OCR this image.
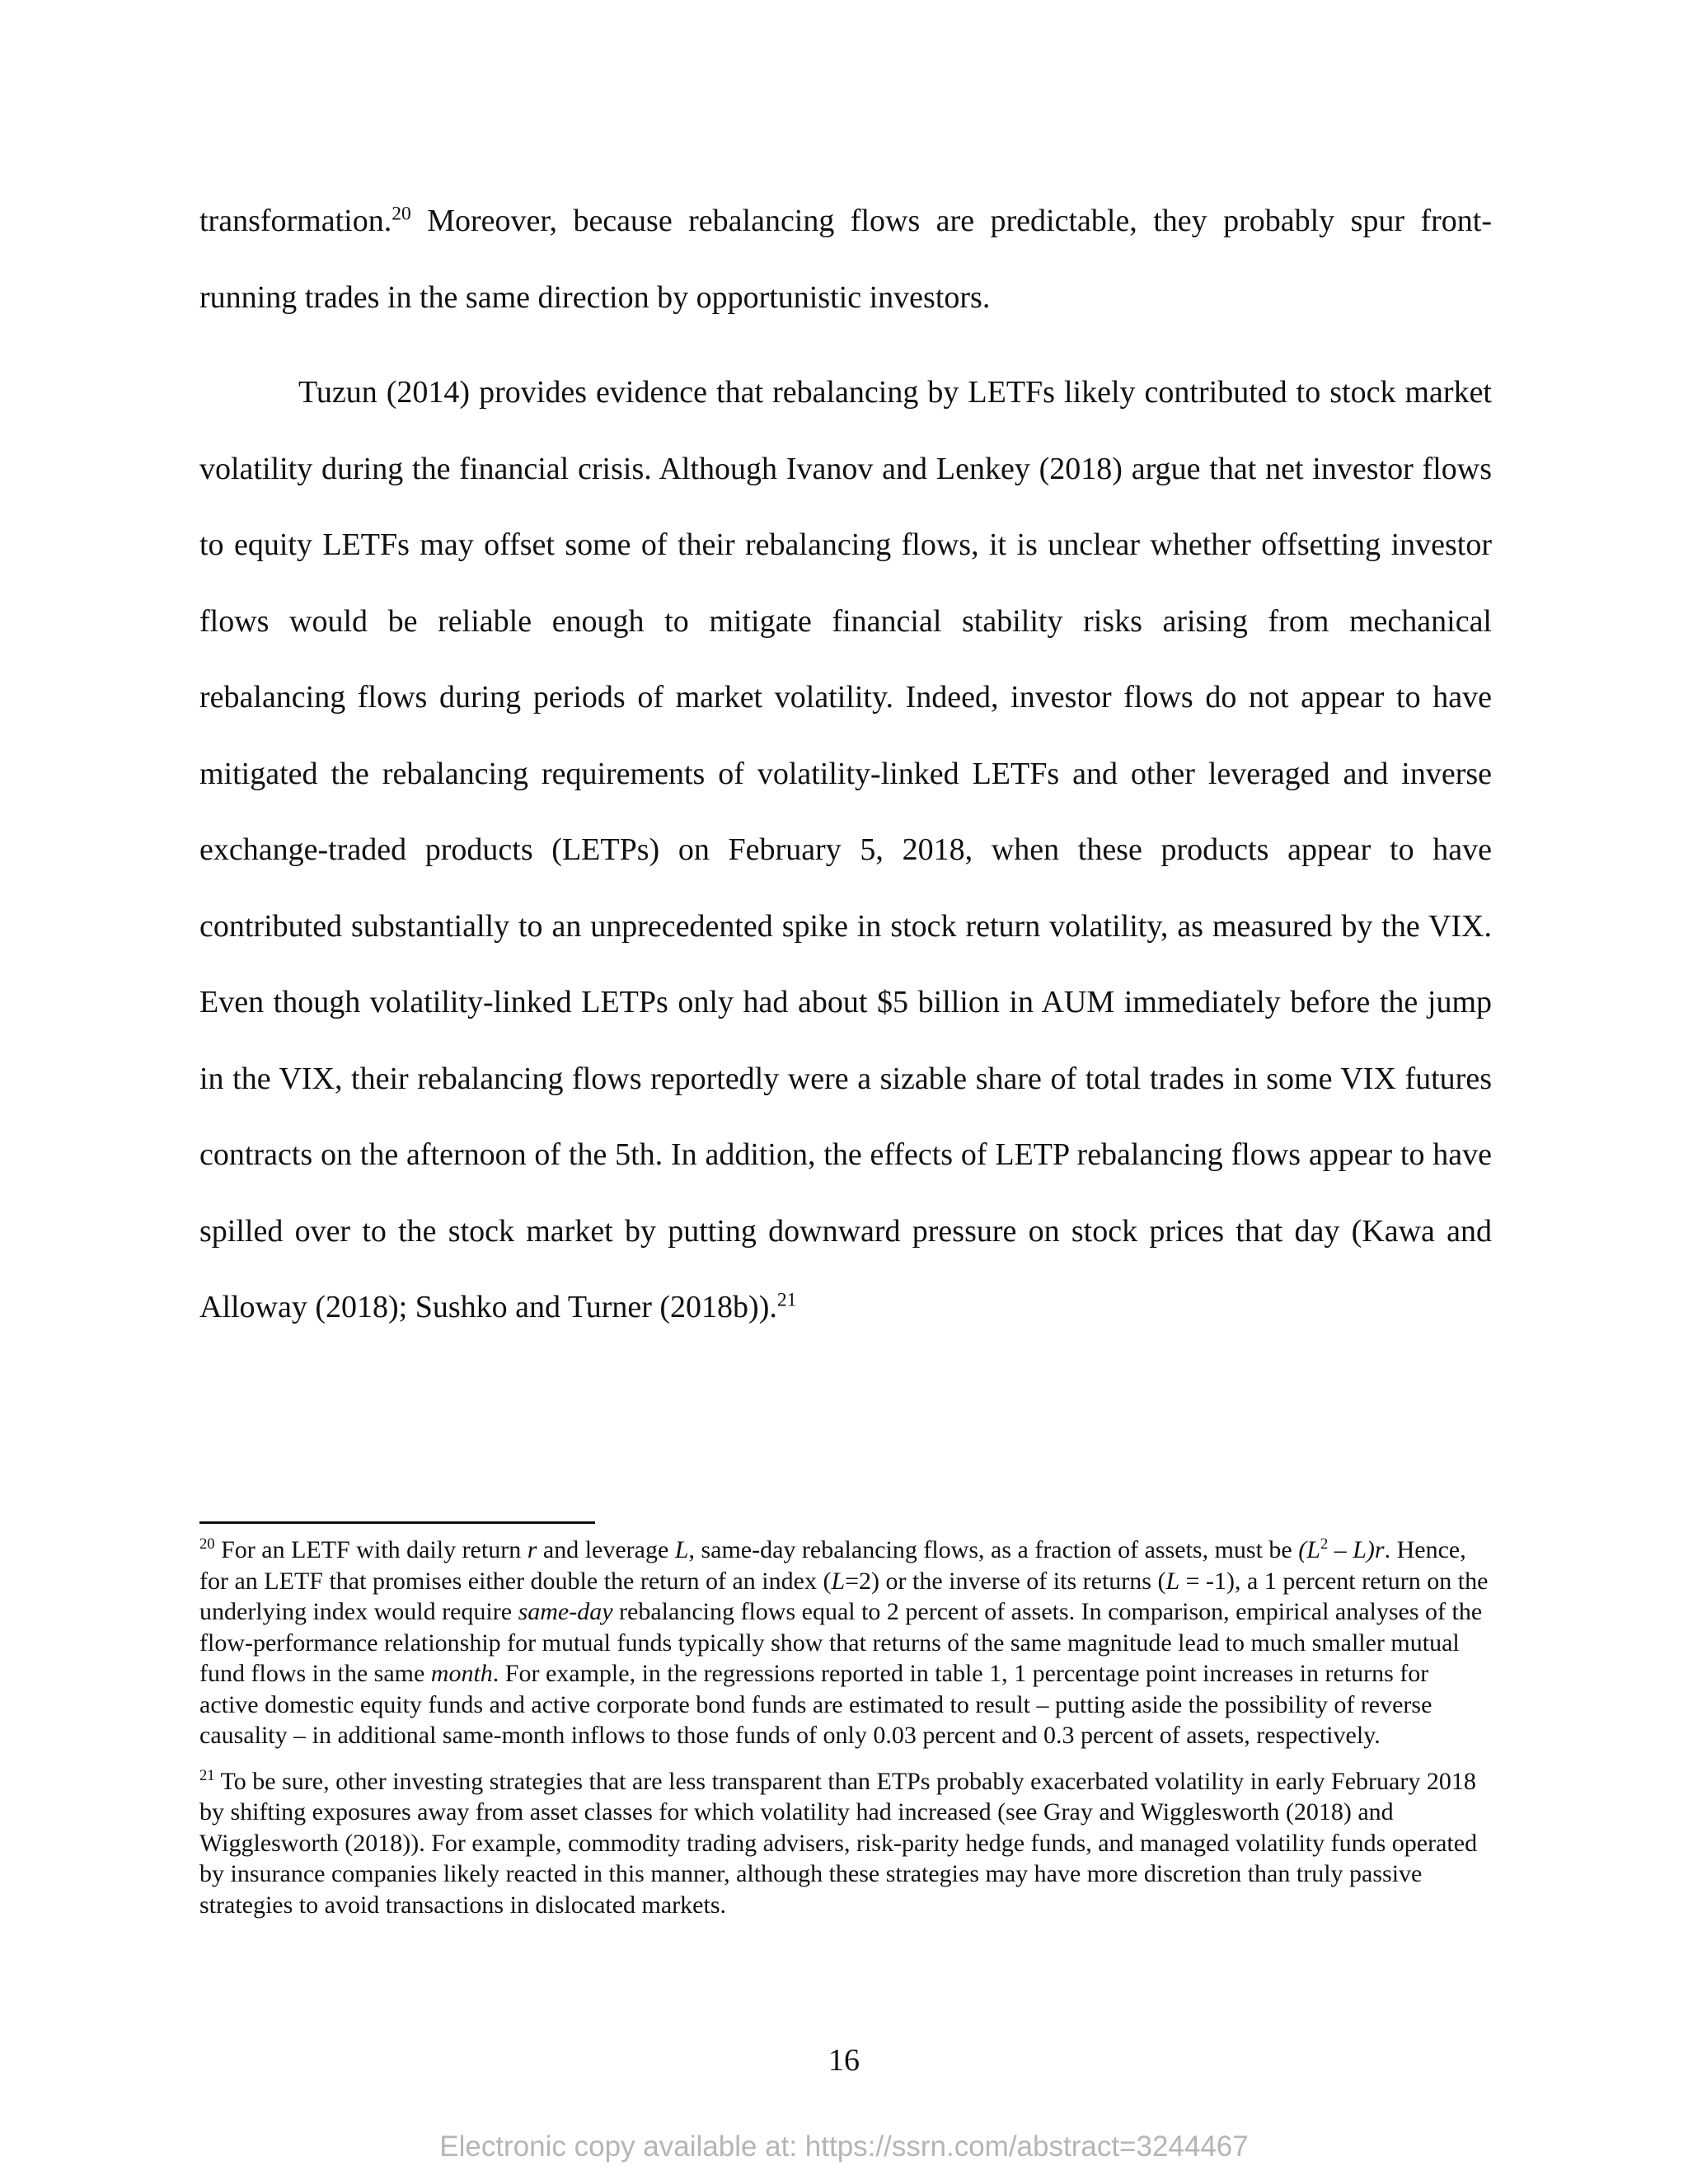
transformation.$^{20}$ Moreover, because rebalancing flows are predictable, they probably spur front-running trades in the same direction by opportunistic investors.

Tuzun (2014) provides evidence that rebalancing by LETFs likely contributed to stock market volatility during the financial crisis. Although Ivanov and Lenkey (2018) argue that net investor flows to equity LETFs may offset some of their rebalancing flows, it is unclear whether offsetting investor flows would be reliable enough to mitigate financial stability risks arising from mechanical rebalancing flows during periods of market volatility. Indeed, investor flows do not appear to have mitigated the rebalancing requirements of volatility-linked LETFs and other leveraged and inverse exchange-traded products (LETPs) on February 5, 2018, when these products appear to have contributed substantially to an unprecedented spike in stock return volatility, as measured by the VIX. Even though volatility-linked LETPs only had about $5 billion in AUM immediately before the jump in the VIX, their rebalancing flows reportedly were a sizable share of total trades in some VIX futures contracts on the afternoon of the 5th. In addition, the effects of LETP rebalancing flows appear to have spilled over to the stock market by putting downward pressure on stock prices that day (Kawa and Alloway (2018); Sushko and Turner (2018b)).$^{21}$

$^{20}$ For an LETF with daily return r and leverage L, same-day rebalancing flows, as a fraction of assets, must be $(L^2 - L)r$. Hence, for an LETF that promises either double the return of an index (L=2) or the inverse of its returns (L = -1), a 1 percent return on the underlying index would require same-day rebalancing flows equal to 2 percent of assets. In comparison, empirical analyses of the flow-performance relationship for mutual funds typically show that returns of the same magnitude lead to much smaller mutual fund flows in the same month. For example, in the regressions reported in table 1, 1 percentage point increases in returns for active domestic equity funds and active corporate bond funds are estimated to result – putting aside the possibility of reverse causality – in additional same-month inflows to those funds of only 0.03 percent and 0.3 percent of assets, respectively.

$^{21}$ To be sure, other investing strategies that are less transparent than ETPs probably exacerbated volatility in early February 2018 by shifting exposures away from asset classes for which volatility had increased (see Gray and Wigglesworth (2018) and Wigglesworth (2018)). For example, commodity trading advisers, risk-parity hedge funds, and managed volatility funds operated by insurance companies likely reacted in this manner, although these strategies may have more discretion than truly passive strategies to avoid transactions in dislocated markets.

16
Electronic copy available at: https://ssrn.com/abstract=3244467
